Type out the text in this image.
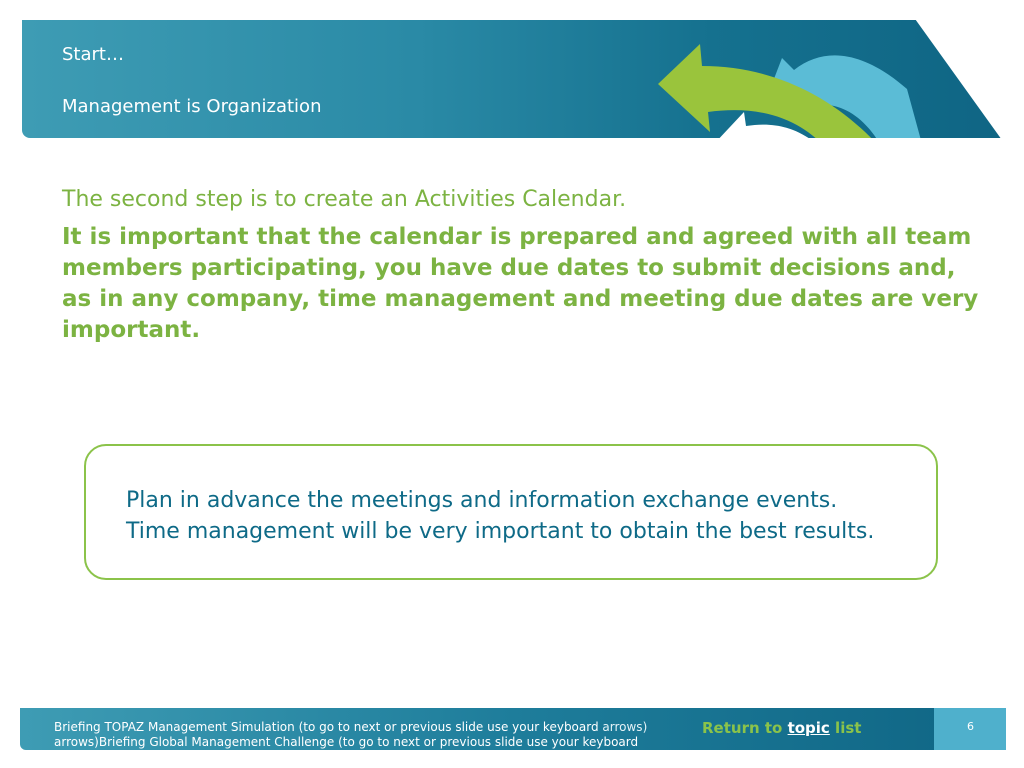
Start…
Management is Organization
The second step is to create an Activities Calendar.
It is important that the calendar is prepared and agreed with all team members participating, you have due dates to submit decisions and, as in any company, time management and meeting due dates are very important.
Plan in advance the meetings and information exchange events.
Time management will be very important to obtain the best results.
Briefing TOPAZ Management Simulation (to go to next or previous slide use your keyboard arrows)
arrows)Briefing Global Management Challenge (to go to next or previous slide use your keyboard
Return to topic list	6
